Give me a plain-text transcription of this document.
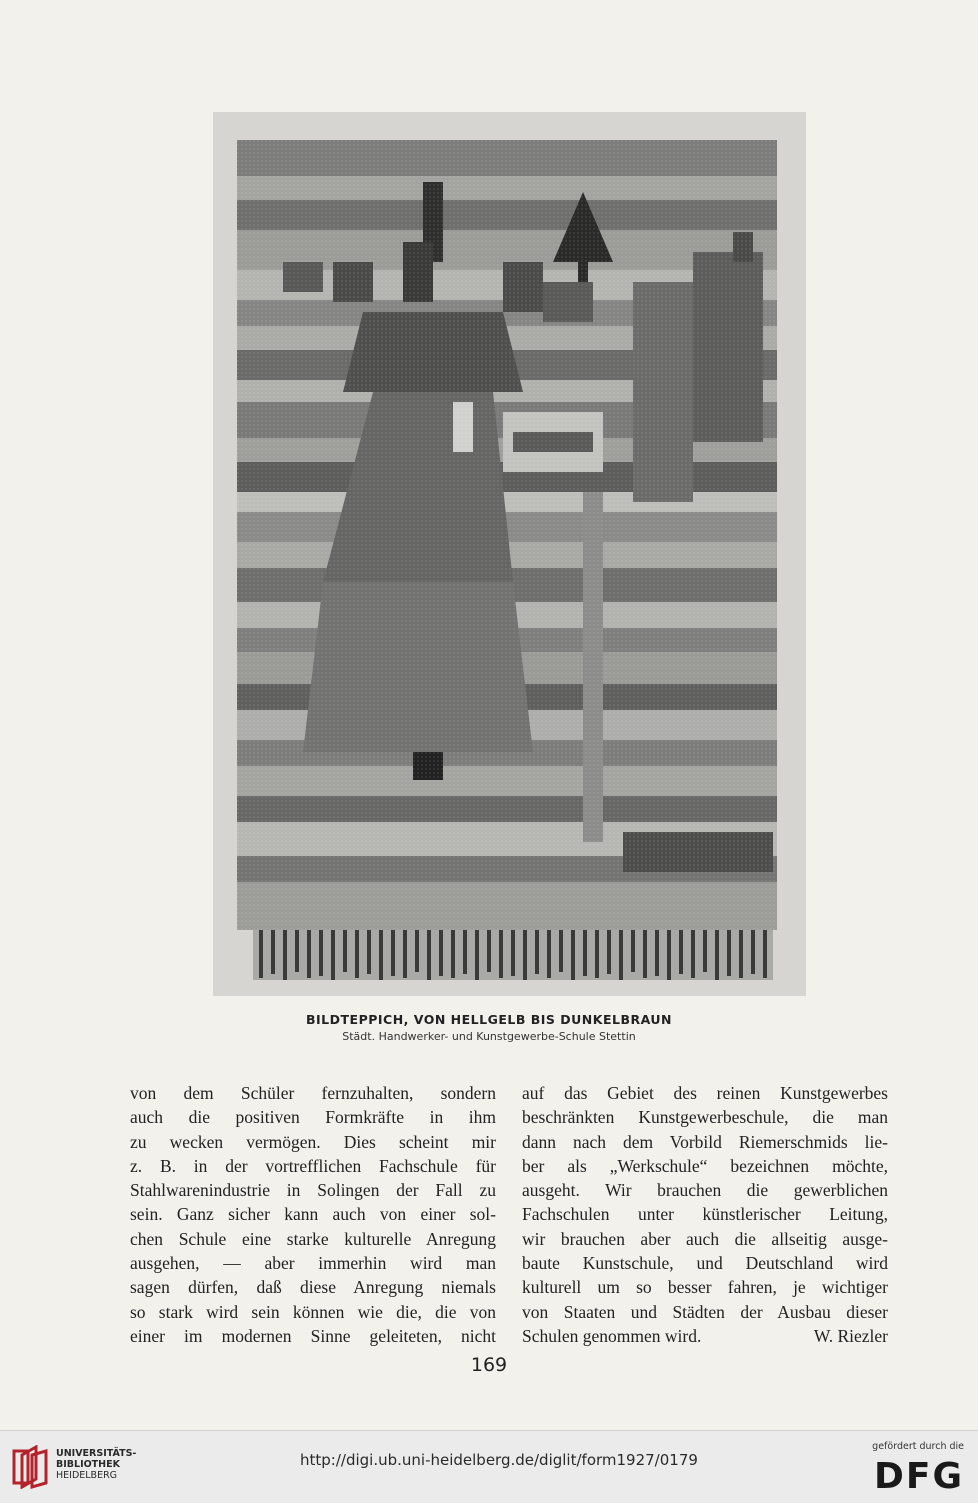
BILDTEPPICH, VON HELLGELB BIS DUNKELBRAUN
Städt. Handwerker- und Kunstgewerbe-Schule Stettin
von dem Schüler fernzuhalten, sondern
auch die positiven Formkräfte in ihm
zu wecken vermögen. Dies scheint mir
z. B. in der vortrefflichen Fachschule für
Stahlwarenindustrie in Solingen der Fall zu
sein. Ganz sicher kann auch von einer sol-
chen Schule eine starke kulturelle Anregung
ausgehen, — aber immerhin wird man
sagen dürfen, daß diese Anregung niemals
so stark wird sein können wie die, die von
einer im modernen Sinne geleiteten, nicht
auf das Gebiet des reinen Kunstgewerbes
beschränkten Kunstgewerbeschule, die man
dann nach dem Vorbild Riemerschmids lie-
ber als „Werkschule“ bezeichnen möchte,
ausgeht. Wir brauchen die gewerblichen
Fachschulen unter künstlerischer Leitung,
wir brauchen aber auch die allseitig ausge-
baute Kunstschule, und Deutschland wird
kulturell um so besser fahren, je wichtiger
von Staaten und Städten der Ausbau dieser
Schulen genommen wird.	W. Riezler
169
UNIVERSITÄTS-
BIBLIOTHEK
HEIDELBERG
http://digi.ub.uni-heidelberg.de/diglit/form1927/0179
gefördert durch die
DFG
